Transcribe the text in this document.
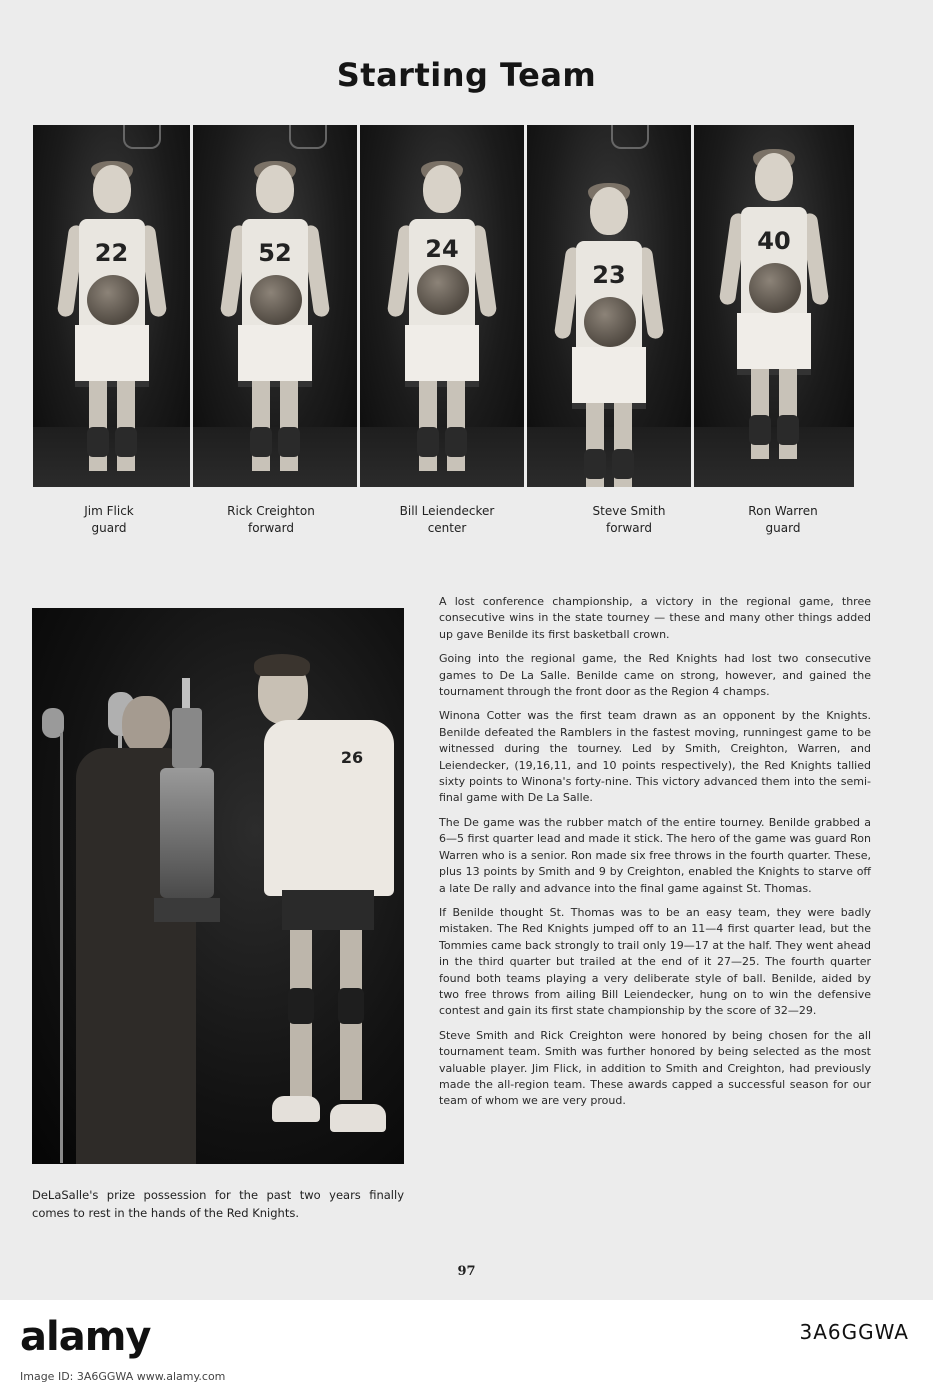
Starting Team
22	52	24
23
40
Jim Flick
guard
Rick Creighton
forward
Bill Leiendecker
center
Steve Smith
forward
Ron Warren
guard
26
DeLaSalle's prize possession for the past two years finally comes to rest in the hands of the Red Knights.

A lost conference championship, a victory in the regional game, three consecutive wins in the state tourney — these and many other things added up gave Benilde its first basketball crown.

Going into the regional game, the Red Knights had lost two consecutive games to De La Salle. Benilde came on strong, however, and gained the tournament through the front door as the Region 4 champs.

Winona Cotter was the first team drawn as an opponent by the Knights. Benilde defeated the Ramblers in the fastest moving, runningest game to be witnessed during the tourney. Led by Smith, Creighton, Warren, and Leiendecker, (19,16,11, and 10 points respectively), the Red Knights tallied sixty points to Winona's forty-nine. This victory advanced them into the semi-final game with De La Salle.

The De game was the rubber match of the entire tourney. Benilde grabbed a 6—5 first quarter lead and made it stick. The hero of the game was guard Ron Warren who is a senior. Ron made six free throws in the fourth quarter. These, plus 13 points by Smith and 9 by Creighton, enabled the Knights to starve off a late De rally and advance into the final game against St. Thomas.

If Benilde thought St. Thomas was to be an easy team, they were badly mistaken. The Red Knights jumped off to an 11—4 first quarter lead, but the Tommies came back strongly to trail only 19—17 at the half. They went ahead in the third quarter but trailed at the end of it 27—25. The fourth quarter found both teams playing a very deliberate style of ball. Benilde, aided by two free throws from ailing Bill Leiendecker, hung on to win the defensive contest and gain its first state championship by the score of 32—29.

Steve Smith and Rick Creighton were honored by being chosen for the all tournament team. Smith was further honored by being selected as the most valuable player. Jim Flick, in addition to Smith and Creighton, had previously made the all-region team. These awards capped a successful season for our team of whom we are very proud.

97
alamy	3A6GGWA
Image ID: 3A6GGWA www.alamy.com
